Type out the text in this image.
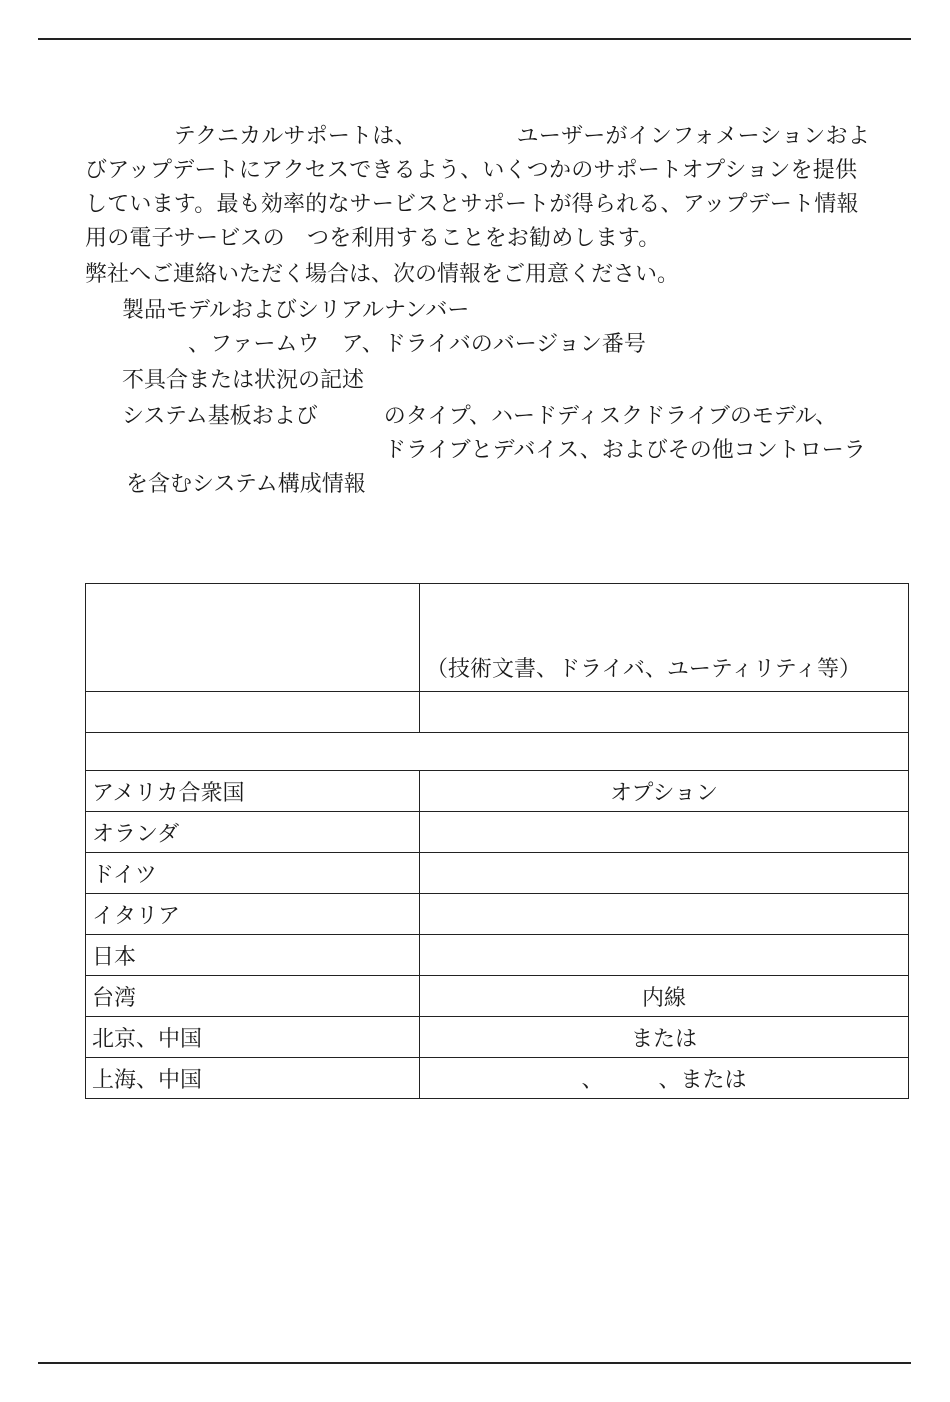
　　　　テクニカルサポートは、　　　　　ユーザーがインフォメーションおよ
びアップデートにアクセスできるよう、いくつかのサポートオプションを提供
しています。最も効率的なサービスとサポートが得られる、アップデート情報
用の電子サービスの　つを利用することをお勧めします。
弊社へご連絡いただく場合は、次の情報をご用意ください。
製品モデルおよびシリアルナンバー
　　　、ファームウ　ア、ドライバのバージョン番号
不具合または状況の記述
システム基板および　　　のタイプ、ハードディスクドライブのモデル、
ドライブとデバイス、およびその他コントローラ
を含むシステム構成情報
	（技術文書、ドライバ、ユーティリティ等）

アメリカ合衆国	オプション
オランダ	
ドイツ	
イタリア	
日本	
台湾	内線
北京、中国	または
上海、中国	、　　　、または
